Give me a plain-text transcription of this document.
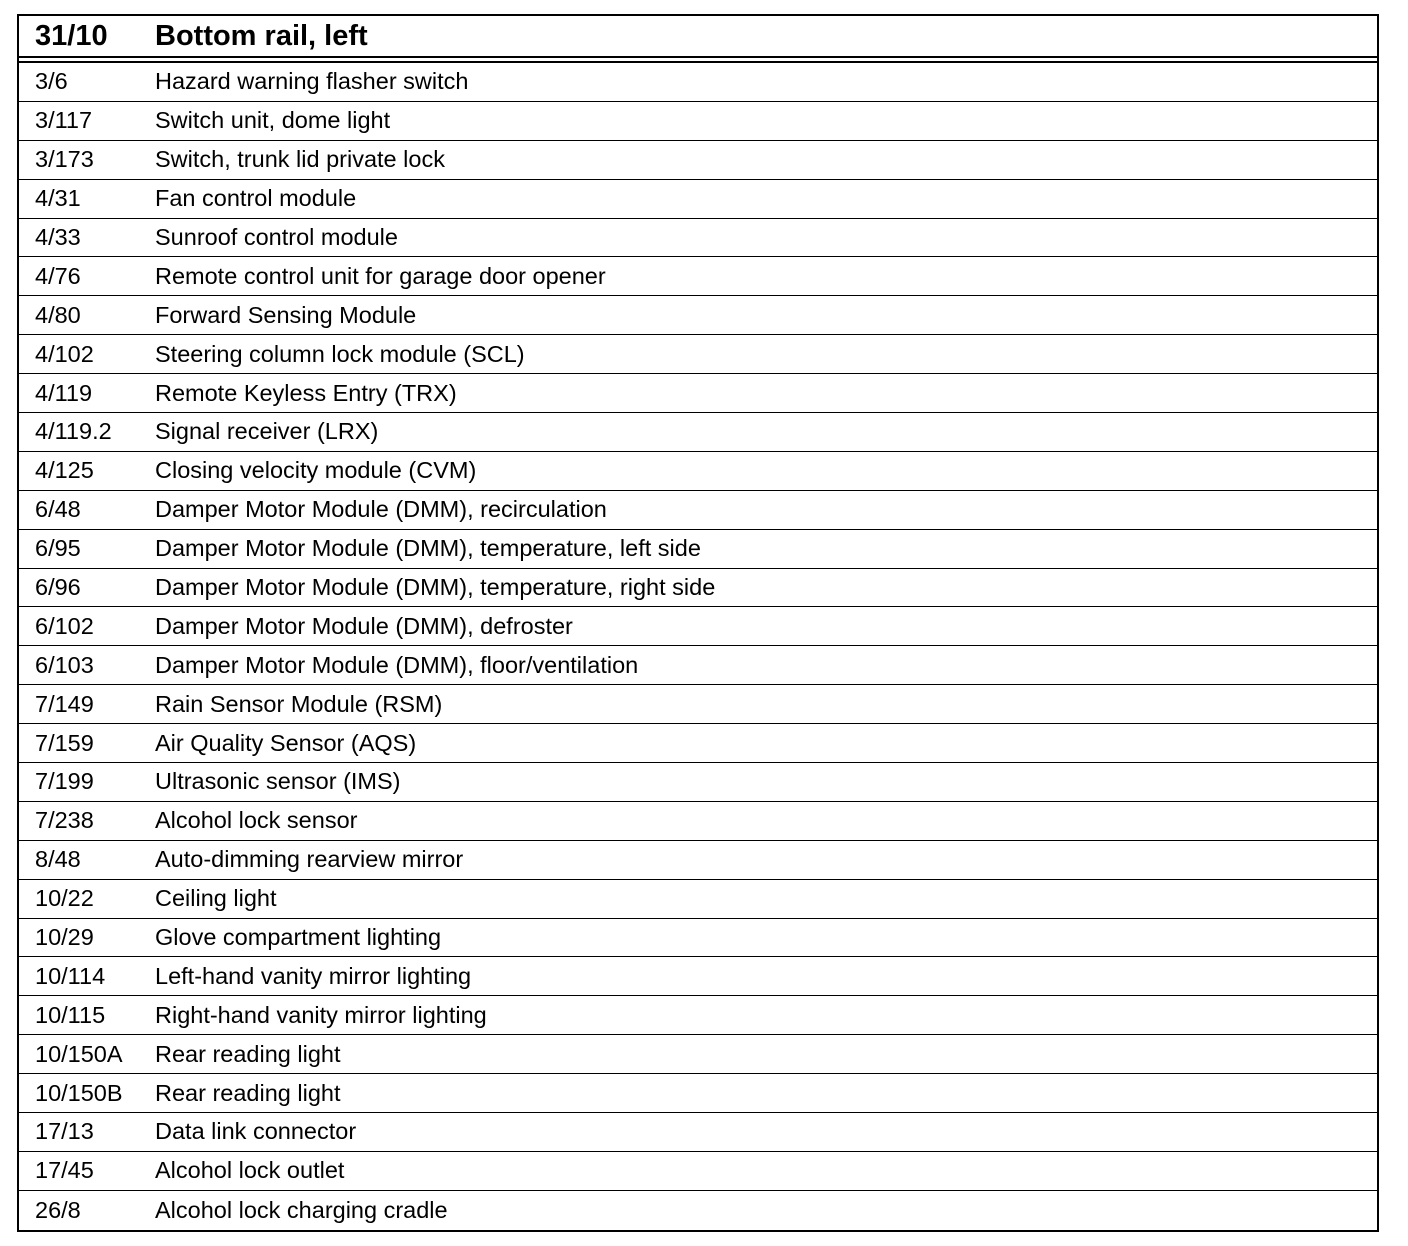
31/10	Bottom rail, left
3/6	Hazard warning flasher switch
3/117	Switch unit, dome light
3/173	Switch, trunk lid private lock
4/31	Fan control module
4/33	Sunroof control module
4/76	Remote control unit for garage door opener
4/80	Forward Sensing Module
4/102	Steering column lock module (SCL)
4/119	Remote Keyless Entry (TRX)
4/119.2	Signal receiver (LRX)
4/125	Closing velocity module (CVM)
6/48	Damper Motor Module (DMM), recirculation
6/95	Damper Motor Module (DMM), temperature, left side
6/96	Damper Motor Module (DMM), temperature, right side
6/102	Damper Motor Module (DMM), defroster
6/103	Damper Motor Module (DMM), floor/ventilation
7/149	Rain Sensor Module (RSM)
7/159	Air Quality Sensor (AQS)
7/199	Ultrasonic sensor (IMS)
7/238	Alcohol lock sensor
8/48	Auto-dimming rearview mirror
10/22	Ceiling light
10/29	Glove compartment lighting
10/114	Left-hand vanity mirror lighting
10/115	Right-hand vanity mirror lighting
10/150A	Rear reading light
10/150B	Rear reading light
17/13	Data link connector
17/45	Alcohol lock outlet
26/8	Alcohol lock charging cradle
